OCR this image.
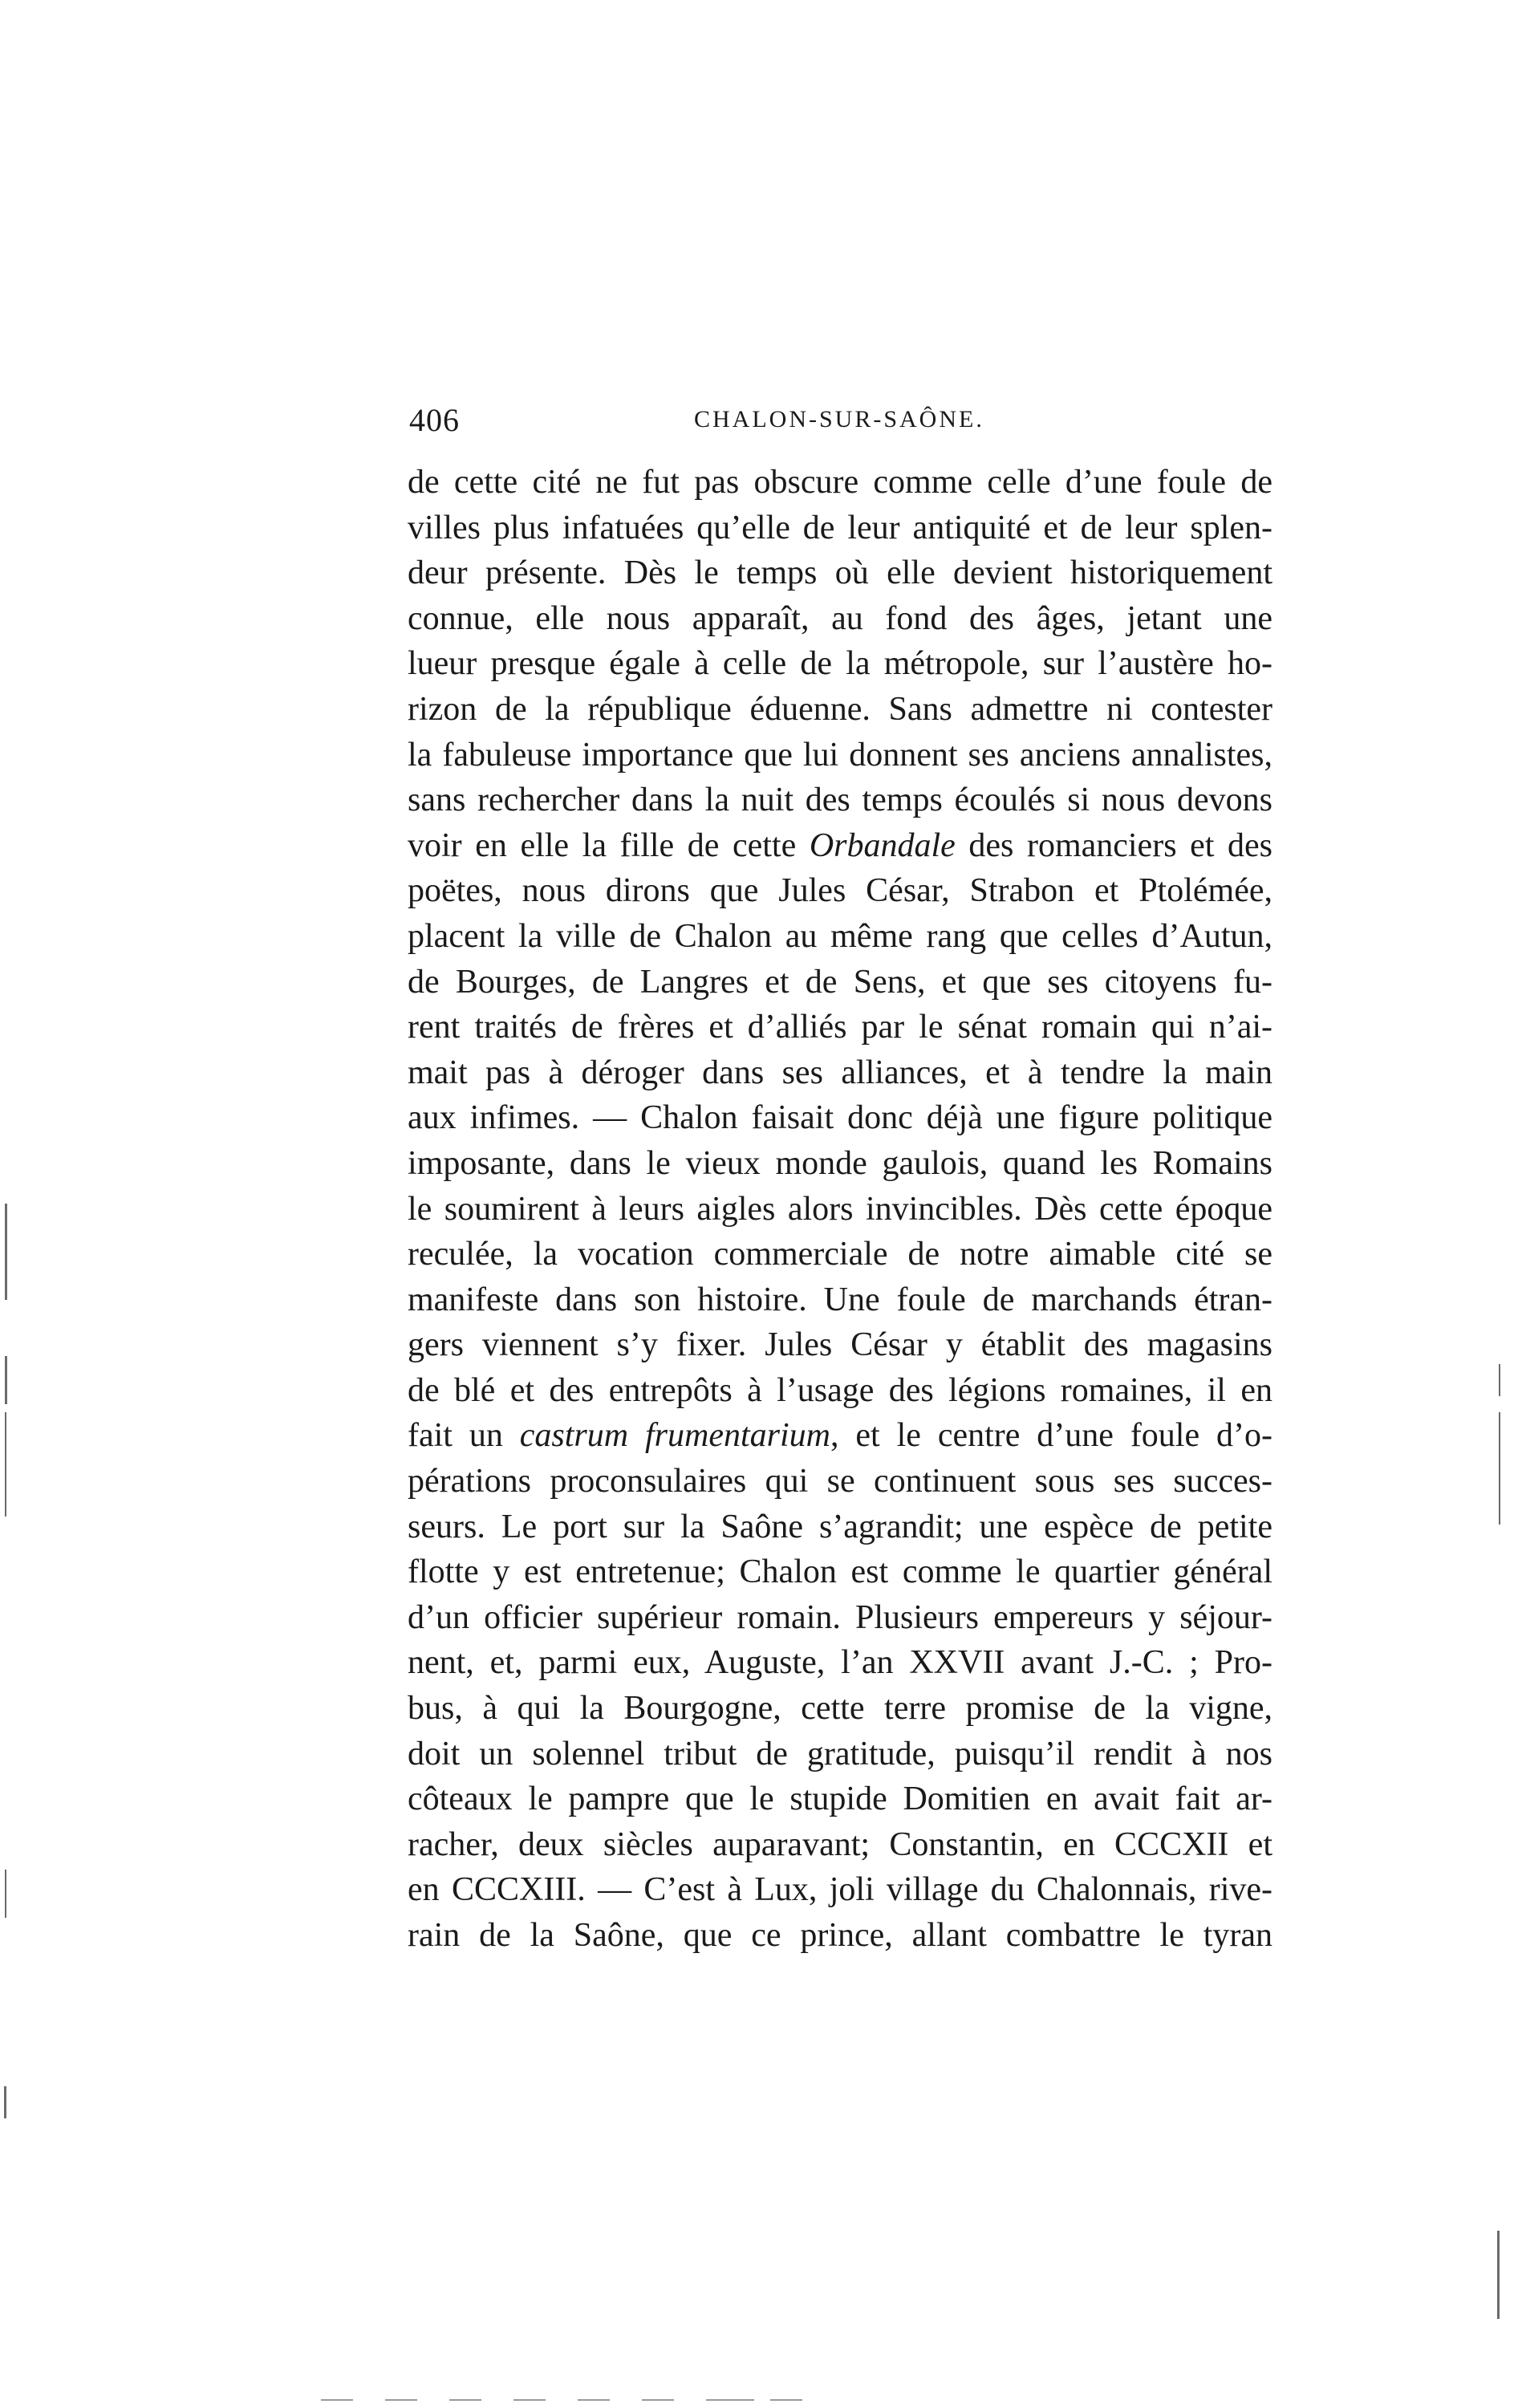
406	CHALON-SUR-SAÔNE.
de cette cité ne fut pas obscure comme celle d’une foule de
villes plus infatuées qu’elle de leur antiquité et de leur splen-
deur présente. Dès le temps où elle devient historiquement
connue, elle nous apparaît, au fond des âges, jetant une
lueur presque égale à celle de la métropole, sur l’austère ho-
rizon de la république éduenne. Sans admettre ni contester
la fabuleuse importance que lui donnent ses anciens annalistes,
sans rechercher dans la nuit des temps écoulés si nous devons
voir en elle la fille de cette Orbandale des romanciers et des
poëtes, nous dirons que Jules César, Strabon et Ptolémée,
placent la ville de Chalon au même rang que celles d’Autun,
de Bourges, de Langres et de Sens, et que ses citoyens fu-
rent traités de frères et d’alliés par le sénat romain qui n’ai-
mait pas à déroger dans ses alliances, et à tendre la main
aux infimes. — Chalon faisait donc déjà une figure politique
imposante, dans le vieux monde gaulois, quand les Romains
le soumirent à leurs aigles alors invincibles. Dès cette époque
reculée, la vocation commerciale de notre aimable cité se
manifeste dans son histoire. Une foule de marchands étran-
gers viennent s’y fixer. Jules César y établit des magasins
de blé et des entrepôts à l’usage des légions romaines, il en
fait un castrum frumentarium, et le centre d’une foule d’o-
pérations proconsulaires qui se continuent sous ses succes-
seurs. Le port sur la Saône s’agrandit; une espèce de petite
flotte y est entretenue; Chalon est comme le quartier général
d’un officier supérieur romain. Plusieurs empereurs y séjour-
nent, et, parmi eux, Auguste, l’an XXVII avant J.-C. ; Pro-
bus, à qui la Bourgogne, cette terre promise de la vigne,
doit un solennel tribut de gratitude, puisqu’il rendit à nos
côteaux le pampre que le stupide Domitien en avait fait ar-
racher, deux siècles auparavant; Constantin, en CCCXII et
en CCCXIII. — C’est à Lux, joli village du Chalonnais, rive-
rain de la Saône, que ce prince, allant combattre le tyran
